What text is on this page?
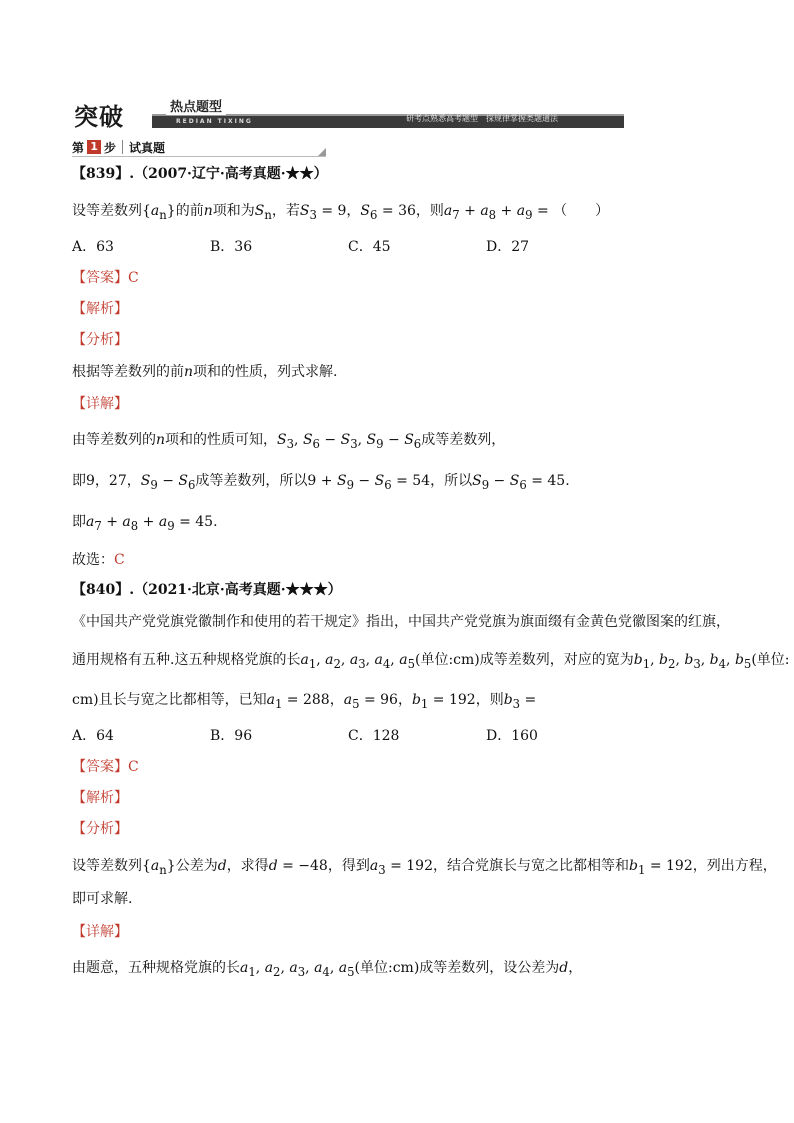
突破	热点题型
REDIAN TIXING	研考点熟悉高考题型　探规律掌握类题通法
第 1 步 试真题
【839】.（2007·辽宁·高考真题·★★）
设等差数列$\{a_n\}$的前n项和为$S_n$，若$S_3 = 9$，$S_6 = 36$，则$a_7 + a_8 + a_9$ = （　　）
A．63	B．36	C．45	D．27
【答案】C
【解析】
【分析】
根据等差数列的前n项和的性质，列式求解.
【详解】
由等差数列的n项和的性质可知，$S_3$, $S_6 - S_3$, $S_9 - S_6$成等差数列，
即9，27，$S_9 - S_6$成等差数列，所以$9 + S_9 - S_6 = 54$，所以$S_9 - S_6 = 45$.
即$a_7 + a_8 + a_9 = 45$.
故选：C
【840】.（2021·北京·高考真题·★★★）
《中国共产党党旗党徽制作和使用的若干规定》指出，中国共产党党旗为旗面缀有金黄色党徽图案的红旗，
通用规格有五种.这五种规格党旗的长$a_1$, $a_2$, $a_3$, $a_4$, $a_5$(单位:cm)成等差数列，对应的宽为$b_1$, $b_2$, $b_3$, $b_4$, $b_5$(单位:
cm)且长与宽之比都相等，已知$a_1 = 288$，$a_5 = 96$，$b_1 = 192$，则$b_3$ =
A．64	B．96	C．128	D．160
【答案】C
【解析】
【分析】
设等差数列$\{a_n\}$公差为d，求得d = −48，得到$a_3 = 192$，结合党旗长与宽之比都相等和$b_1 = 192$，列出方程，
即可求解.
【详解】
由题意，五种规格党旗的长$a_1$, $a_2$, $a_3$, $a_4$, $a_5$(单位:cm)成等差数列，设公差为d，
